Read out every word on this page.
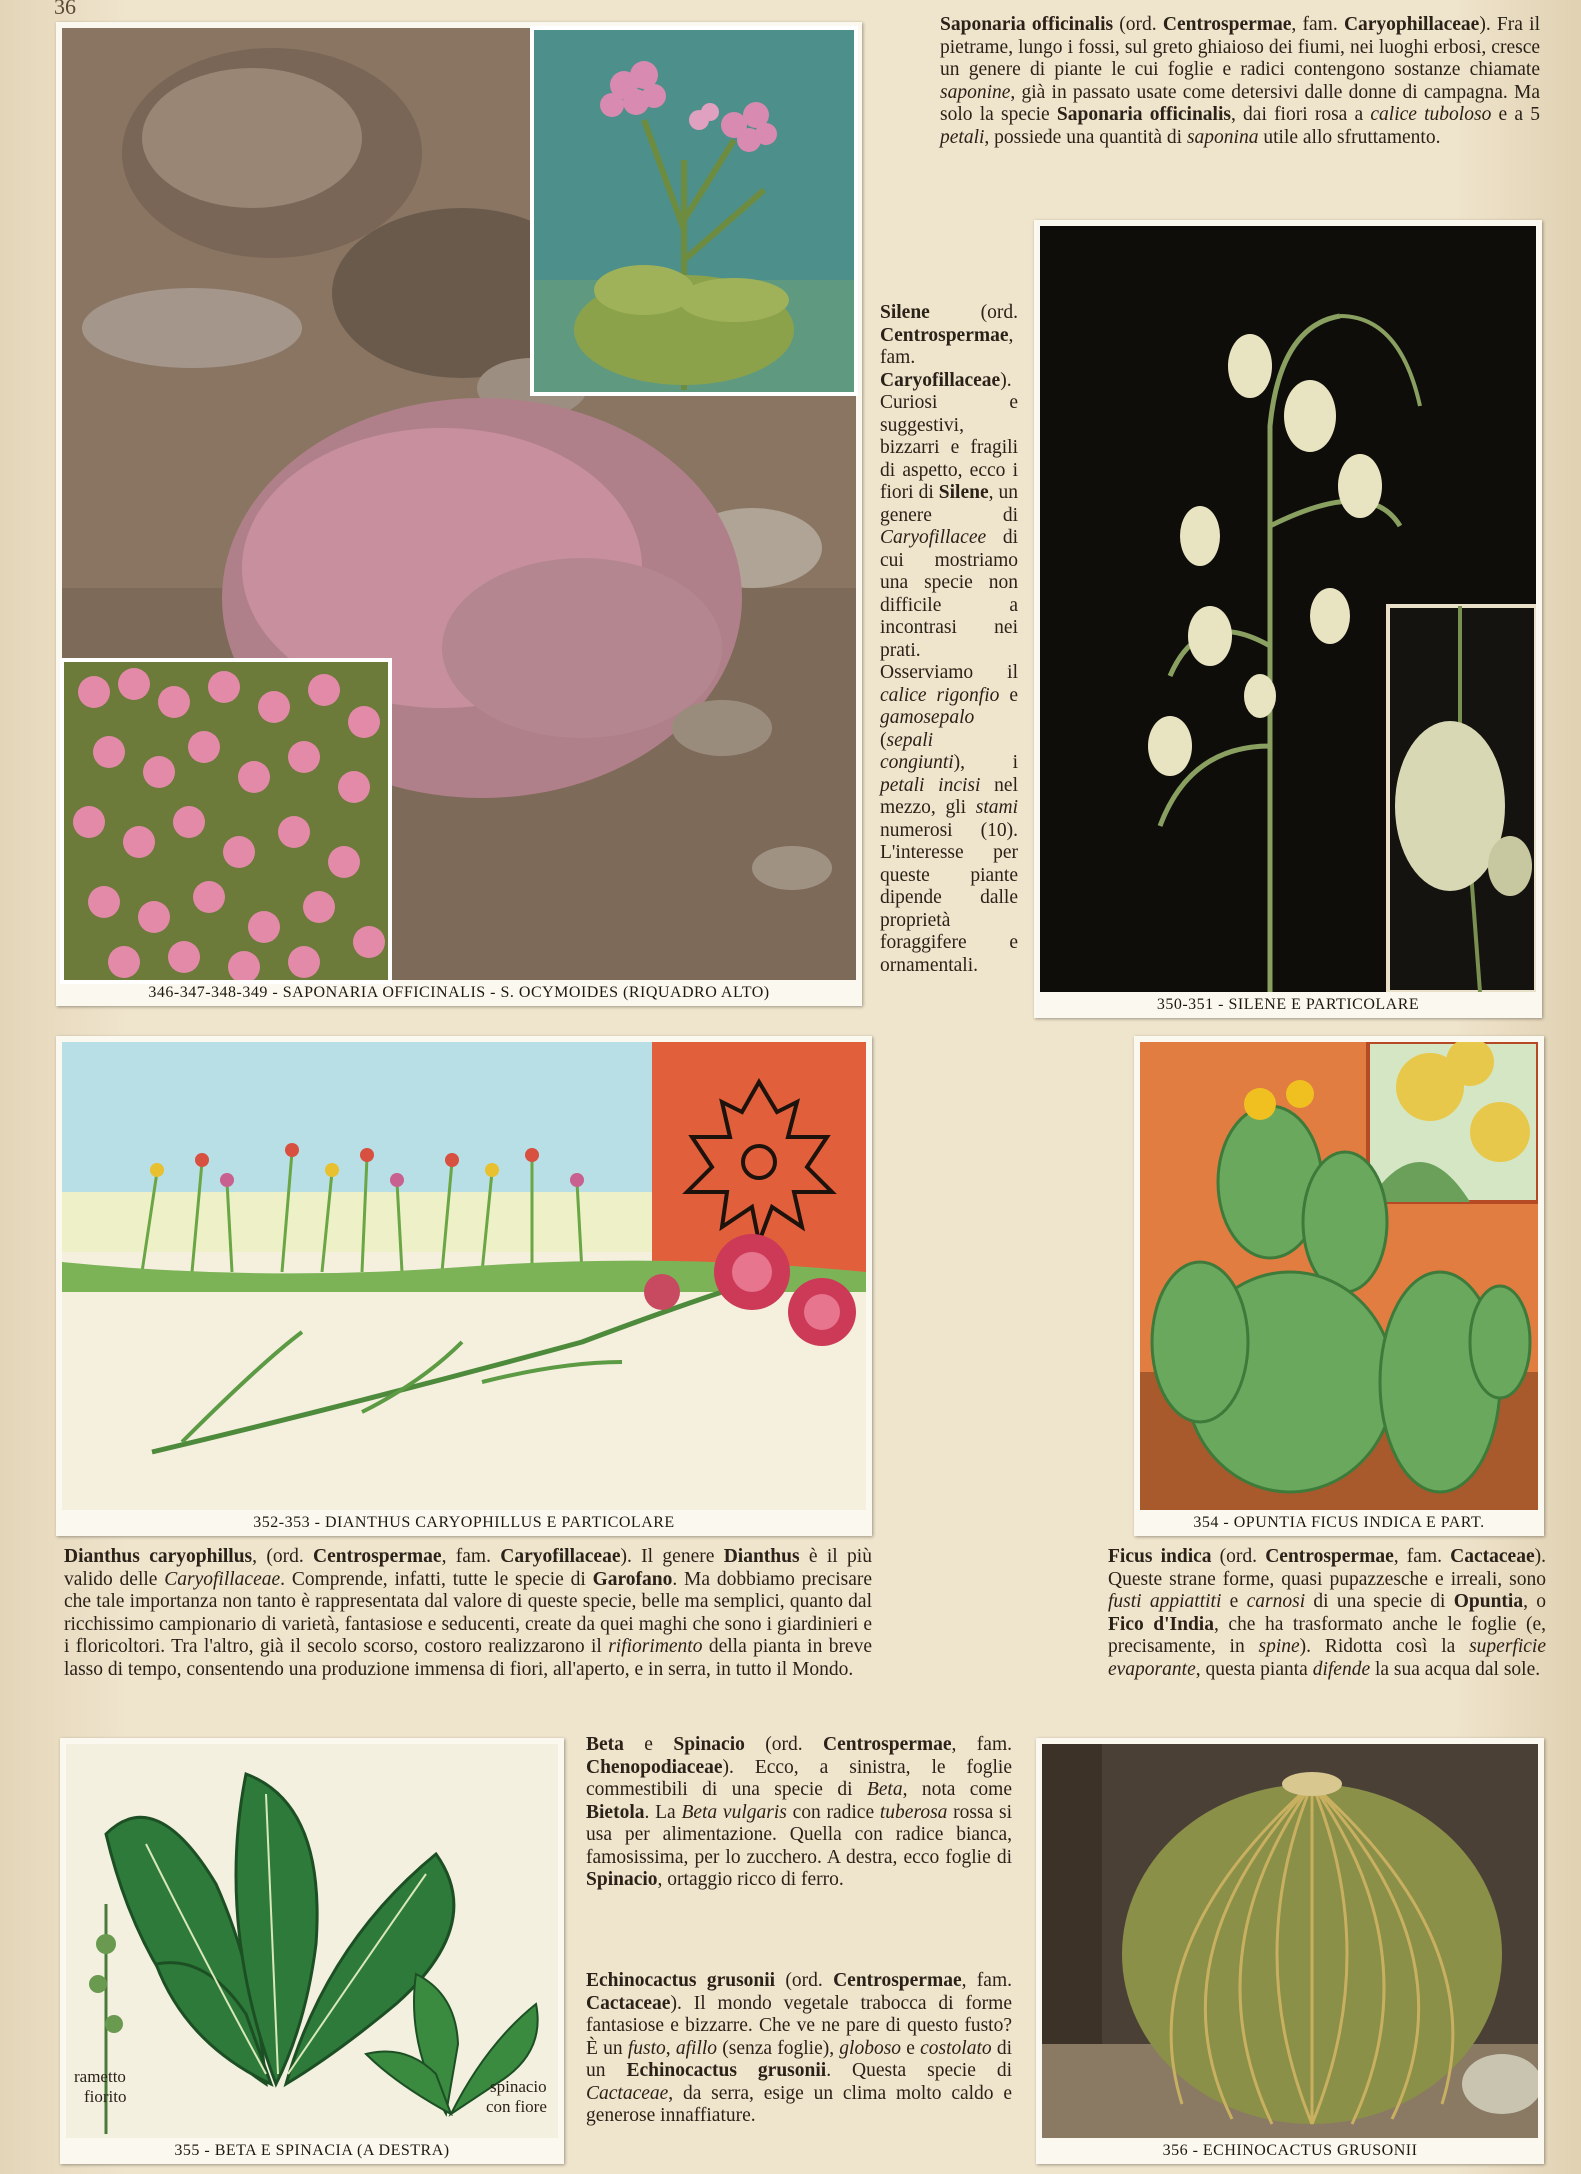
36
346-347-348-349 - SAPONARIA OFFICINALIS - S. OCYMOIDES (RIQUADRO ALTO)
Saponaria officinalis (ord. Centrospermae, fam. Caryophillaceae). Fra il pietrame, lungo i fossi, sul greto ghiaioso dei fiumi, nei luoghi erbosi, cresce un genere di piante le cui foglie e radici contengono sostanze chiamate saponine, già in passato usate come detersivi dalle donne di campagna. Ma solo la specie Saponaria officinalis, dai fiori rosa a calice tuboloso e a 5 petali, possiede una quantità di saponina utile allo sfruttamento.
Silene (ord. Centrospermae, fam. Caryofillaceae). Curiosi e suggestivi, bizzarri e fragili di aspetto, ecco i fiori di Silene, un genere di Caryofillacee di cui mostriamo una specie non difficile a incontrasi nei prati. Osserviamo il calice rigonfio e gamosepalo (sepali congiunti), i petali incisi nel mezzo, gli stami numerosi (10). L'interesse per queste piante dipende dalle proprietà foraggifere e ornamentali.
350-351 - SILENE E PARTICOLARE
352-353 - DIANTHUS CARYOPHILLUS E PARTICOLARE	354 - OPUNTIA FICUS INDICA E PART.
Dianthus caryophillus, (ord. Centrospermae, fam. Caryofillaceae). Il genere Dianthus è il più valido delle Caryofillaceae. Comprende, infatti, tutte le specie di Garofano. Ma dobbiamo precisare che tale importanza non tanto è rappresentata dal valore di queste specie, belle ma semplici, quanto dal ricchissimo campionario di varietà, fantasiose e seducenti, create da quei maghi che sono i giardinieri e i floricoltori. Tra l'altro, già il secolo scorso, costoro realizzarono il rifiorimento della pianta in breve lasso di tempo, consentendo una produzione immensa di fiori, all'aperto, e in serra, in tutto il Mondo.
Ficus indica (ord. Centrospermae, fam. Cactaceae). Queste strane forme, quasi pupazzesche e irreali, sono fusti appiattiti e carnosi di una specie di Opuntia, o Fico d'India, che ha trasformato anche le foglie (e, precisamente, in spine). Ridotta così la superficie evaporante, questa pianta difende la sua acqua dal sole.
rametto
fiorito
spinacio
con fiore
355 - BETA E SPINACIA (A DESTRA)
Beta e Spinacio (ord. Centrospermae, fam. Chenopodiaceae). Ecco, a sinistra, le foglie commestibili di una specie di Beta, nota come Bietola. La Beta vulgaris con radice tuberosa rossa si usa per alimentazione. Quella con radice bianca, famosissima, per lo zucchero. A destra, ecco foglie di Spinacio, ortaggio ricco di ferro.
Echinocactus grusonii (ord. Centrospermae, fam. Cactaceae). Il mondo vegetale trabocca di forme fantasiose e bizzarre. Che ve ne pare di questo fusto? È un fusto, afillo (senza foglie), globoso e costolato di un Echinocactus grusonii. Questa specie di Cactaceae, da serra, esige un clima molto caldo e generose innaffiature.
356 - ECHINOCACTUS GRUSONII
